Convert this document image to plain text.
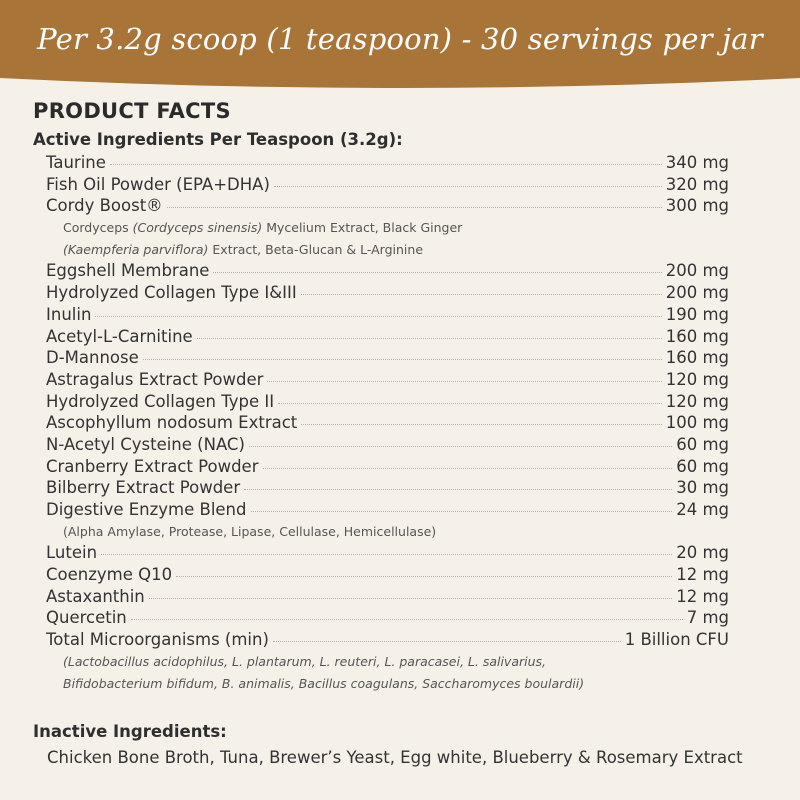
Per 3.2g scoop (1 teaspoon) - 30 servings per jar
PRODUCT FACTS
Active Ingredients Per Teaspoon (3.2g):
Taurine	340 mg
Fish Oil Powder (EPA+DHA)	320 mg
Cordy Boost®	300 mg
Cordyceps (Cordyceps sinensis) Mycelium Extract, Black Ginger
(Kaempferia parviflora) Extract, Beta-Glucan & L-Arginine
Eggshell Membrane	200 mg
Hydrolyzed Collagen Type I&III	200 mg
Inulin	190 mg
Acetyl-L-Carnitine	160 mg
D-Mannose	160 mg
Astragalus Extract Powder	120 mg
Hydrolyzed Collagen Type II	120 mg
Ascophyllum nodosum Extract	100 mg
N-Acetyl Cysteine (NAC)	60 mg
Cranberry Extract Powder	60 mg
Bilberry Extract Powder	30 mg
Digestive Enzyme Blend	24 mg
(Alpha Amylase, Protease, Lipase, Cellulase, Hemicellulase)
Lutein	20 mg
Coenzyme Q10	12 mg
Astaxanthin	12 mg
Quercetin	7 mg
Total Microorganisms (min)	1 Billion CFU
(Lactobacillus acidophilus, L. plantarum, L. reuteri, L. paracasei, L. salivarius,
Bifidobacterium bifidum, B. animalis, Bacillus coagulans, Saccharomyces boulardii)
Inactive Ingredients:
Chicken Bone Broth, Tuna, Brewer’s Yeast, Egg white, Blueberry & Rosemary Extract
